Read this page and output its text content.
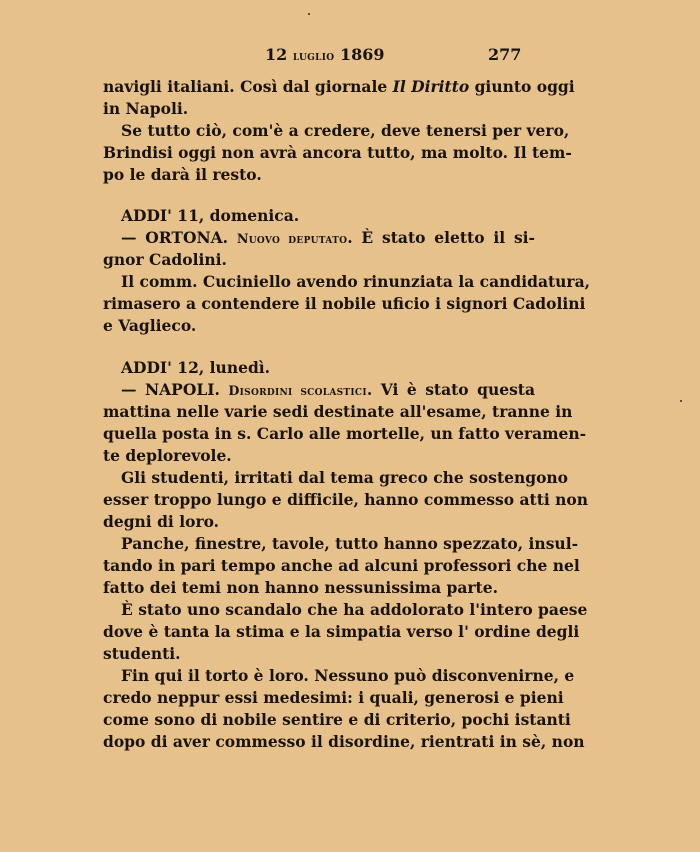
12 luglio 1869	277
navigli italiani. Così dal giornale Il Diritto giunto oggi
in Napoli.
Se tutto ciò, com'è a credere, deve tenersi per vero,
Brindisi oggi non avrà ancora tutto, ma molto. Il tem-
po le darà il resto.
ADDI' 11, domenica.
— ORTONA. Nuovo deputato. È stato eletto il si-
gnor Cadolini.
Il comm. Cuciniello avendo rinunziata la candidatura,
rimasero a contendere il nobile uficio i signori Cadolini
e Vaglieco.
ADDI' 12, lunedì.
— NAPOLI. Disordini scolastici. Vi è stato questa
mattina nelle varie sedi destinate all'esame, tranne in
quella posta in s. Carlo alle mortelle, un fatto veramen-
te deplorevole.
Gli studenti, irritati dal tema greco che sostengono
esser troppo lungo e difficile, hanno commesso atti non
degni di loro.
Panche, finestre, tavole, tutto hanno spezzato, insul-
tando in pari tempo anche ad alcuni professori che nel
fatto dei temi non hanno nessunissima parte.
È stato uno scandalo che ha addolorato l'intero paese
dove è tanta la stima e la simpatia verso l' ordine degli
studenti.
Fin qui il torto è loro. Nessuno può disconvenirne, e
credo neppur essi medesimi: i quali, generosi e pieni
come sono di nobile sentire e di criterio, pochi istanti
dopo di aver commesso il disordine, rientrati in sè, non
